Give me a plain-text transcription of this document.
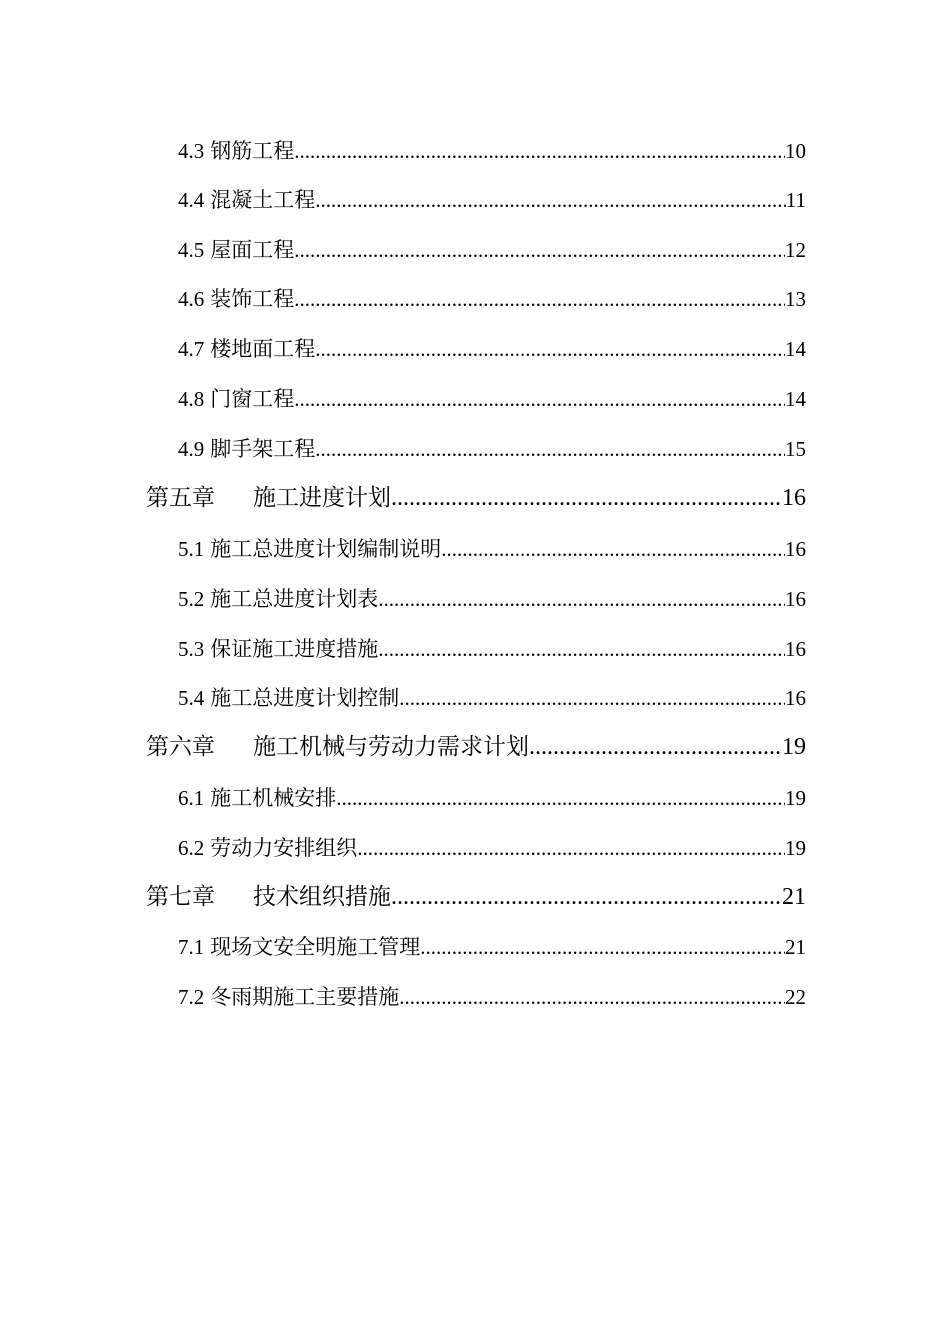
4.3 钢筋工程 .....	10
4.4 混凝土工程 .....	11
4.5 屋面工程 .....	12
4.6 装饰工程 .....	13
4.7 楼地面工程 .....	14
4.8 门窗工程 .....	14
4.9 脚手架工程 .....	15
第五章 施工进度计划 .....	16
5.1 施工总进度计划编制说明 .....	16
5.2 施工总进度计划表 .....	16
5.3 保证施工进度措施 .....	16
5.4 施工总进度计划控制 .....	16
第六章 施工机械与劳动力需求计划 .....	19
6.1 施工机械安排 .....	19
6.2 劳动力安排组织 .....	19
第七章 技术组织措施 .....	21
7.1 现场文安全明施工管理 .....	21
7.2 冬雨期施工主要措施 .....	22
